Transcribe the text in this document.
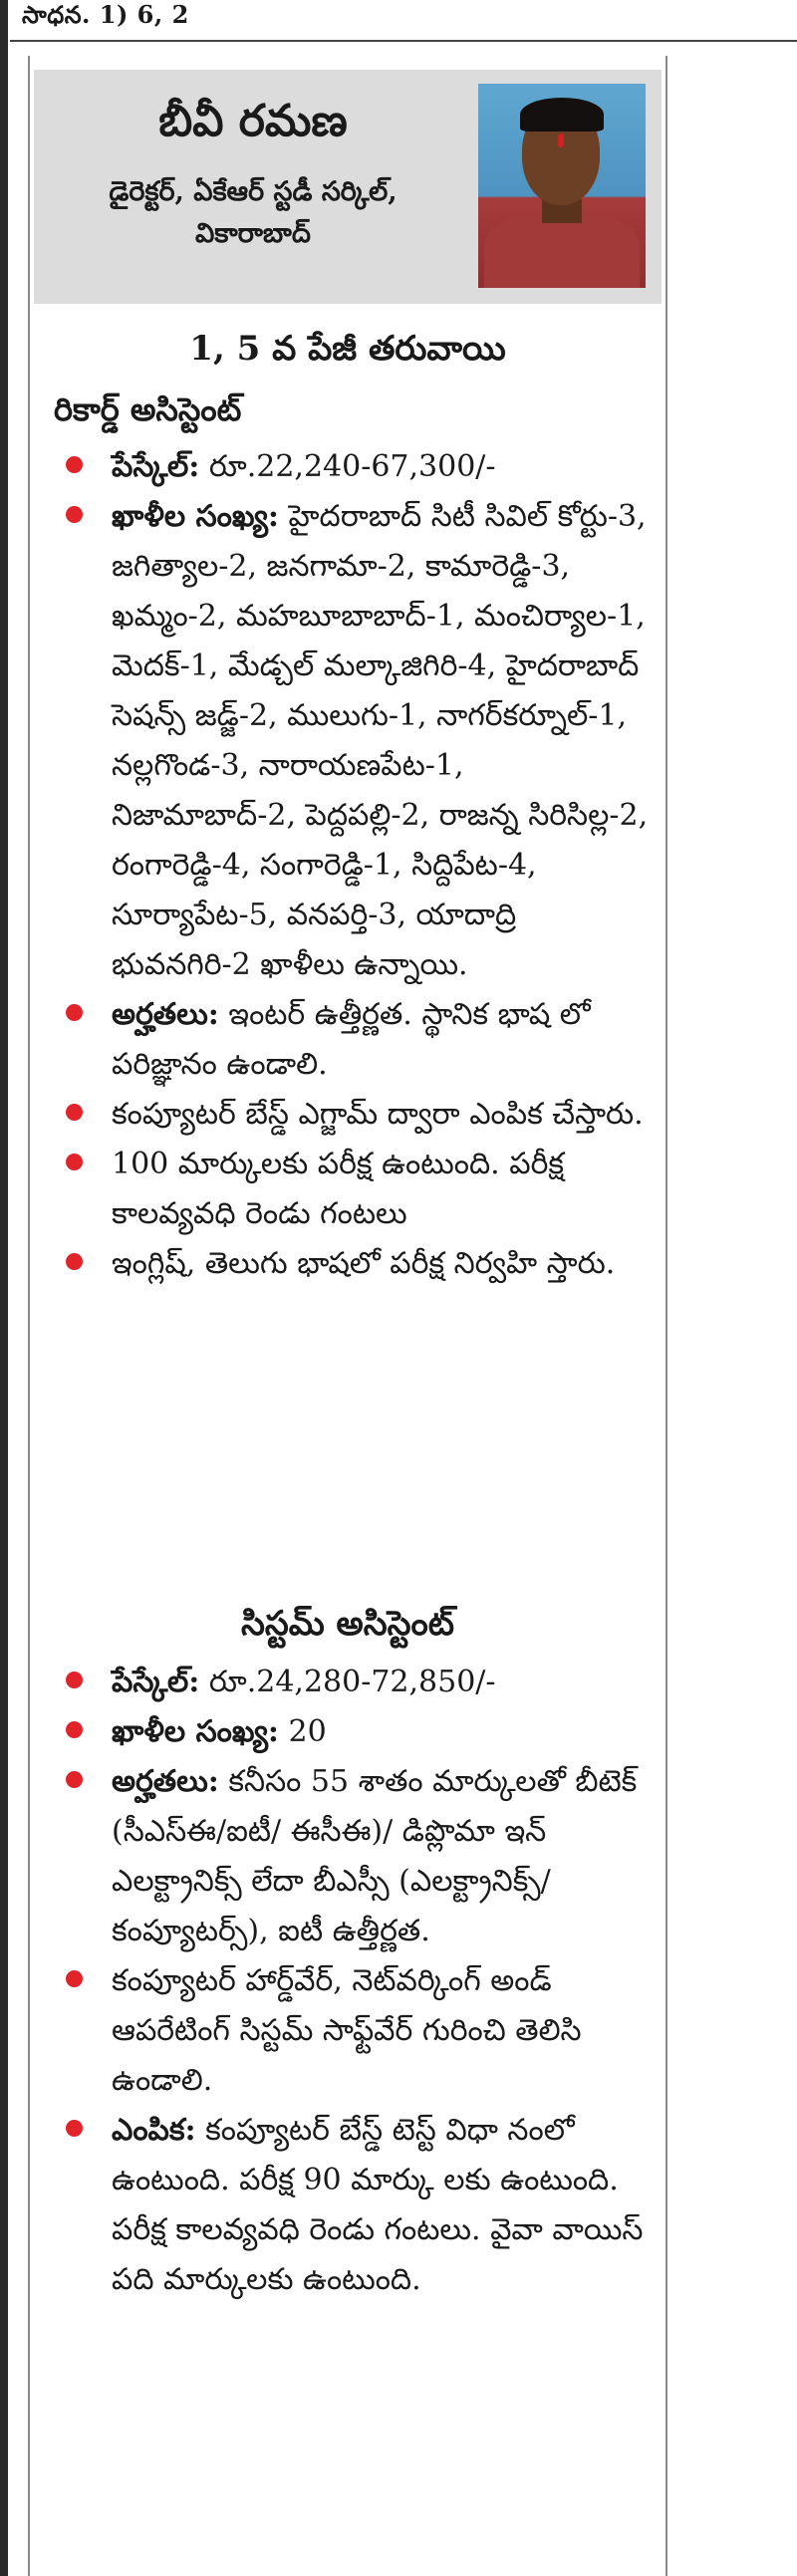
సాధన. 1) 6, 2
బీవీ రమణ
డైరెక్టర్, ఏకేఆర్ స్టడీ సర్కిల్,
వికారాబాద్
1, 5 వ పేజీ తరువాయి
రికార్డ్ అసిస్టెంట్
పేస్కేల్: రూ.22,240-67,300/-
ఖాళీల సంఖ్య: హైదరాబాద్ సిటీ సివిల్ కోర్టు-3, జగిత్యాల-2, జనగామా-2, కామారెడ్డి-3, ఖమ్మం-2, మహబూబాబాద్-1, మంచిర్యాల-1, మెదక్-1, మేడ్చల్ మల్కాజిగిరి-4, హైదరాబాద్ సెషన్స్ జడ్జ్-2, ములుగు-1, నాగర్‌కర్నూల్-1, నల్లగొండ-3, నారాయణపేట-1, నిజామాబాద్-2, పెద్దపల్లి-2, రాజన్న సిరిసిల్ల-2, రంగారెడ్డి-4, సంగారెడ్డి-1, సిద్దిపేట-4, సూర్యాపేట-5, వనపర్తి-3, యాదాద్రి భువనగిరి-2 ఖాళీలు ఉన్నాయి.
అర్హతలు: ఇంటర్ ఉత్తీర్ణత. స్థానిక భాష లో పరిజ్ఞానం ఉండాలి.
కంప్యూటర్ బేస్డ్ ఎగ్జామ్ ద్వారా ఎంపిక చేస్తారు.
100 మార్కులకు పరీక్ష ఉంటుంది. పరీక్ష కాలవ్యవధి రెండు గంటలు
ఇంగ్లిష్, తెలుగు భాషలో పరీక్ష నిర్వహి స్తారు.
సిస్టమ్ అసిస్టెంట్
పేస్కేల్: రూ.24,280-72,850/-
ఖాళీల సంఖ్య: 20
అర్హతలు: కనీసం 55 శాతం మార్కులతో బీటెక్ (సీఎస్ఈ/ఐటీ/ ఈసీఈ)/ డిప్లొమా ఇన్ ఎలక్ట్రానిక్స్ లేదా బీఎస్సీ (ఎలక్ట్రానిక్స్/ కంప్యూటర్స్), ఐటీ ఉత్తీర్ణత.
కంప్యూటర్ హార్డ్‌వేర్, నెట్‌వర్కింగ్ అండ్ ఆపరేటింగ్ సిస్టమ్ సాఫ్ట్‌వేర్ గురించి తెలిసి ఉండాలి.
ఎంపిక: కంప్యూటర్ బేస్డ్ టెస్ట్ విధా నంలో ఉంటుంది. పరీక్ష 90 మార్కు లకు ఉంటుంది. పరీక్ష కాలవ్యవధి రెండు గంటలు. వైవా వాయిస్ పది మార్కులకు ఉంటుంది.
